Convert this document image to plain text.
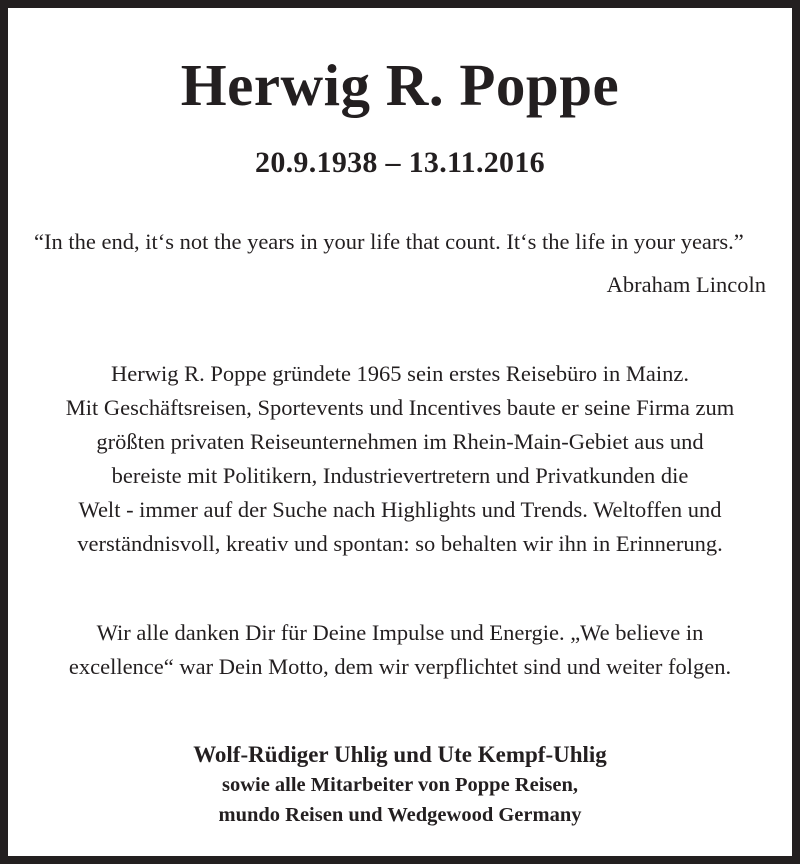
Herwig R. Poppe
20.9.1938 – 13.11.2016

“In the end, it‘s not the years in your life that count. It‘s the life in your years.”

Abraham Lincoln

Herwig R. Poppe gründete 1965 sein erstes Reisebüro in Mainz.
Mit Geschäftsreisen, Sportevents und Incentives baute er seine Firma zum
größten privaten Reiseunternehmen im Rhein-Main-Gebiet aus und
bereiste mit Politikern, Industrievertretern und Privatkunden die
Welt - immer auf der Suche nach Highlights und Trends. Weltoffen und
verständnisvoll, kreativ und spontan: so behalten wir ihn in Erinnerung.
Wir alle danken Dir für Deine Impulse und Energie. „We believe in
excellence“ war Dein Motto, dem wir verpflichtet sind und weiter folgen.
Wolf-Rüdiger Uhlig und Ute Kempf-Uhlig
sowie alle Mitarbeiter von Poppe Reisen,
mundo Reisen und Wedgewood Germany
